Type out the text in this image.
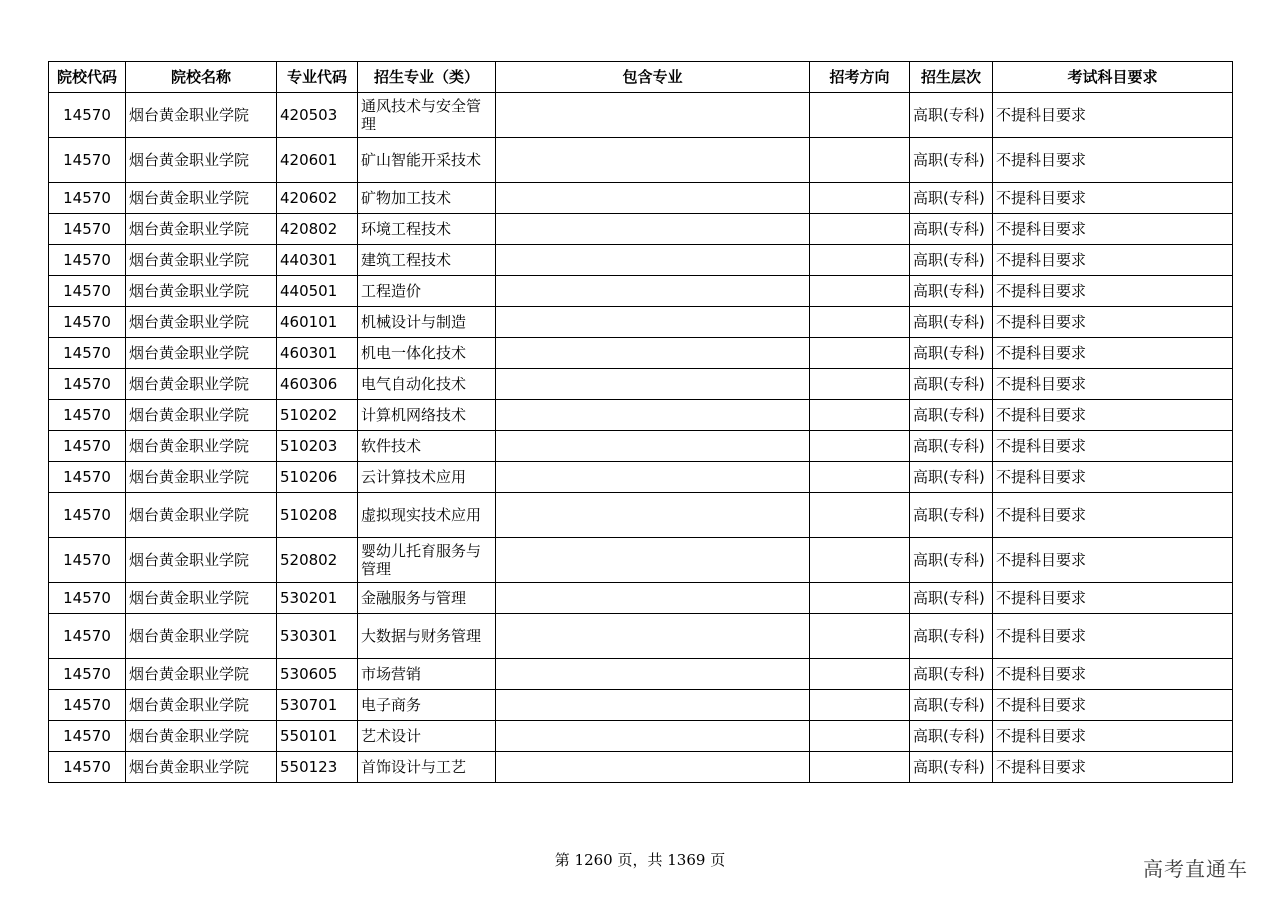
院校代码	院校名称	专业代码	招生专业（类）	包含专业	招考方向	招生层次	考试科目要求
14570	烟台黄金职业学院	420503	通风技术与安全管理			高职(专科)	不提科目要求
14570	烟台黄金职业学院	420601	矿山智能开采技术			高职(专科)	不提科目要求
14570	烟台黄金职业学院	420602	矿物加工技术			高职(专科)	不提科目要求
14570	烟台黄金职业学院	420802	环境工程技术			高职(专科)	不提科目要求
14570	烟台黄金职业学院	440301	建筑工程技术			高职(专科)	不提科目要求
14570	烟台黄金职业学院	440501	工程造价			高职(专科)	不提科目要求
14570	烟台黄金职业学院	460101	机械设计与制造			高职(专科)	不提科目要求
14570	烟台黄金职业学院	460301	机电一体化技术			高职(专科)	不提科目要求
14570	烟台黄金职业学院	460306	电气自动化技术			高职(专科)	不提科目要求
14570	烟台黄金职业学院	510202	计算机网络技术			高职(专科)	不提科目要求
14570	烟台黄金职业学院	510203	软件技术			高职(专科)	不提科目要求
14570	烟台黄金职业学院	510206	云计算技术应用			高职(专科)	不提科目要求
14570	烟台黄金职业学院	510208	虚拟现实技术应用			高职(专科)	不提科目要求
14570	烟台黄金职业学院	520802	婴幼儿托育服务与管理			高职(专科)	不提科目要求
14570	烟台黄金职业学院	530201	金融服务与管理			高职(专科)	不提科目要求
14570	烟台黄金职业学院	530301	大数据与财务管理			高职(专科)	不提科目要求
14570	烟台黄金职业学院	530605	市场营销			高职(专科)	不提科目要求
14570	烟台黄金职业学院	530701	电子商务			高职(专科)	不提科目要求
14570	烟台黄金职业学院	550101	艺术设计			高职(专科)	不提科目要求
14570	烟台黄金职业学院	550123	首饰设计与工艺			高职(专科)	不提科目要求
第 1260 页，共 1369 页	高考直通车
